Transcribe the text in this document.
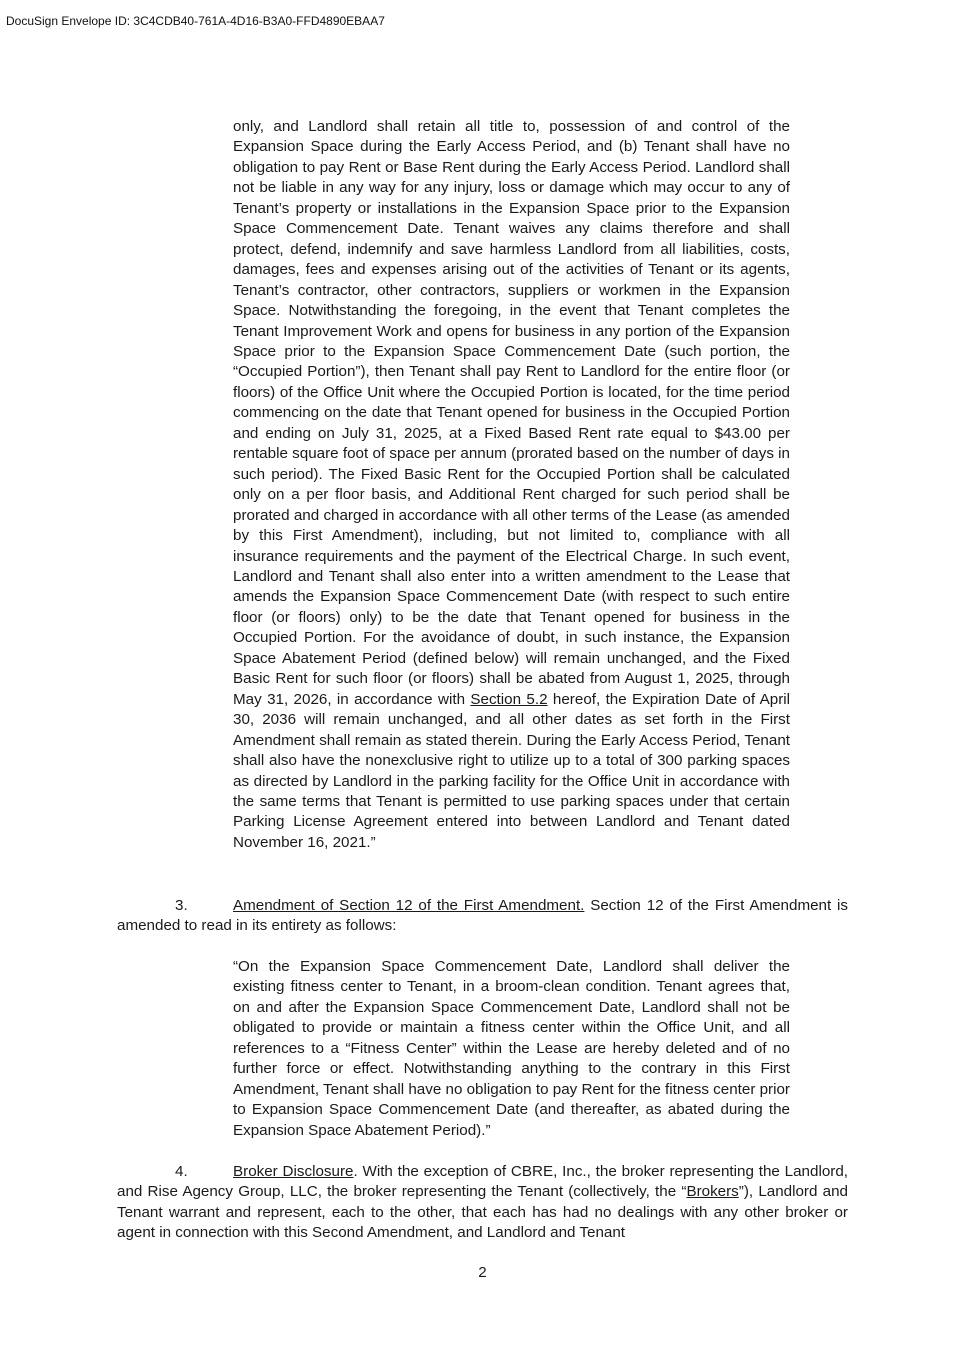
DocuSign Envelope ID: 3C4CDB40-761A-4D16-B3A0-FFD4890EBAA7
only, and Landlord shall retain all title to, possession of and control of the Expansion Space during the Early Access Period, and (b) Tenant shall have no obligation to pay Rent or Base Rent during the Early Access Period. Landlord shall not be liable in any way for any injury, loss or damage which may occur to any of Tenant’s property or installations in the Expansion Space prior to the Expansion Space Commencement Date. Tenant waives any claims therefore and shall protect, defend, indemnify and save harmless Landlord from all liabilities, costs, damages, fees and expenses arising out of the activities of Tenant or its agents, Tenant’s contractor, other contractors, suppliers or workmen in the Expansion Space. Notwithstanding the foregoing, in the event that Tenant completes the Tenant Improvement Work and opens for business in any portion of the Expansion Space prior to the Expansion Space Commencement Date (such portion, the “Occupied Portion”), then Tenant shall pay Rent to Landlord for the entire floor (or floors) of the Office Unit where the Occupied Portion is located, for the time period commencing on the date that Tenant opened for business in the Occupied Portion and ending on July 31, 2025, at a Fixed Based Rent rate equal to $43.00 per rentable square foot of space per annum (prorated based on the number of days in such period). The Fixed Basic Rent for the Occupied Portion shall be calculated only on a per floor basis, and Additional Rent charged for such period shall be prorated and charged in accordance with all other terms of the Lease (as amended by this First Amendment), including, but not limited to, compliance with all insurance requirements and the payment of the Electrical Charge. In such event, Landlord and Tenant shall also enter into a written amendment to the Lease that amends the Expansion Space Commencement Date (with respect to such entire floor (or floors) only) to be the date that Tenant opened for business in the Occupied Portion. For the avoidance of doubt, in such instance, the Expansion Space Abatement Period (defined below) will remain unchanged, and the Fixed Basic Rent for such floor (or floors) shall be abated from August 1, 2025, through May 31, 2026, in accordance with Section 5.2 hereof, the Expiration Date of April 30, 2036 will remain unchanged, and all other dates as set forth in the First Amendment shall remain as stated therein. During the Early Access Period, Tenant shall also have the nonexclusive right to utilize up to a total of 300 parking spaces as directed by Landlord in the parking facility for the Office Unit in accordance with the same terms that Tenant is permitted to use parking spaces under that certain Parking License Agreement entered into between Landlord and Tenant dated November 16, 2021.”
3.	Amendment of Section 12 of the First Amendment. Section 12 of the First Amendment is amended to read in its entirety as follows:
“On the Expansion Space Commencement Date, Landlord shall deliver the existing fitness center to Tenant, in a broom-clean condition. Tenant agrees that, on and after the Expansion Space Commencement Date, Landlord shall not be obligated to provide or maintain a fitness center within the Office Unit, and all references to a “Fitness Center” within the Lease are hereby deleted and of no further force or effect. Notwithstanding anything to the contrary in this First Amendment, Tenant shall have no obligation to pay Rent for the fitness center prior to Expansion Space Commencement Date (and thereafter, as abated during the Expansion Space Abatement Period).”
4.	Broker Disclosure. With the exception of CBRE, Inc., the broker representing the Landlord, and Rise Agency Group, LLC, the broker representing the Tenant (collectively, the “Brokers”), Landlord and Tenant warrant and represent, each to the other, that each has had no dealings with any other broker or agent in connection with this Second Amendment, and Landlord and Tenant
2
